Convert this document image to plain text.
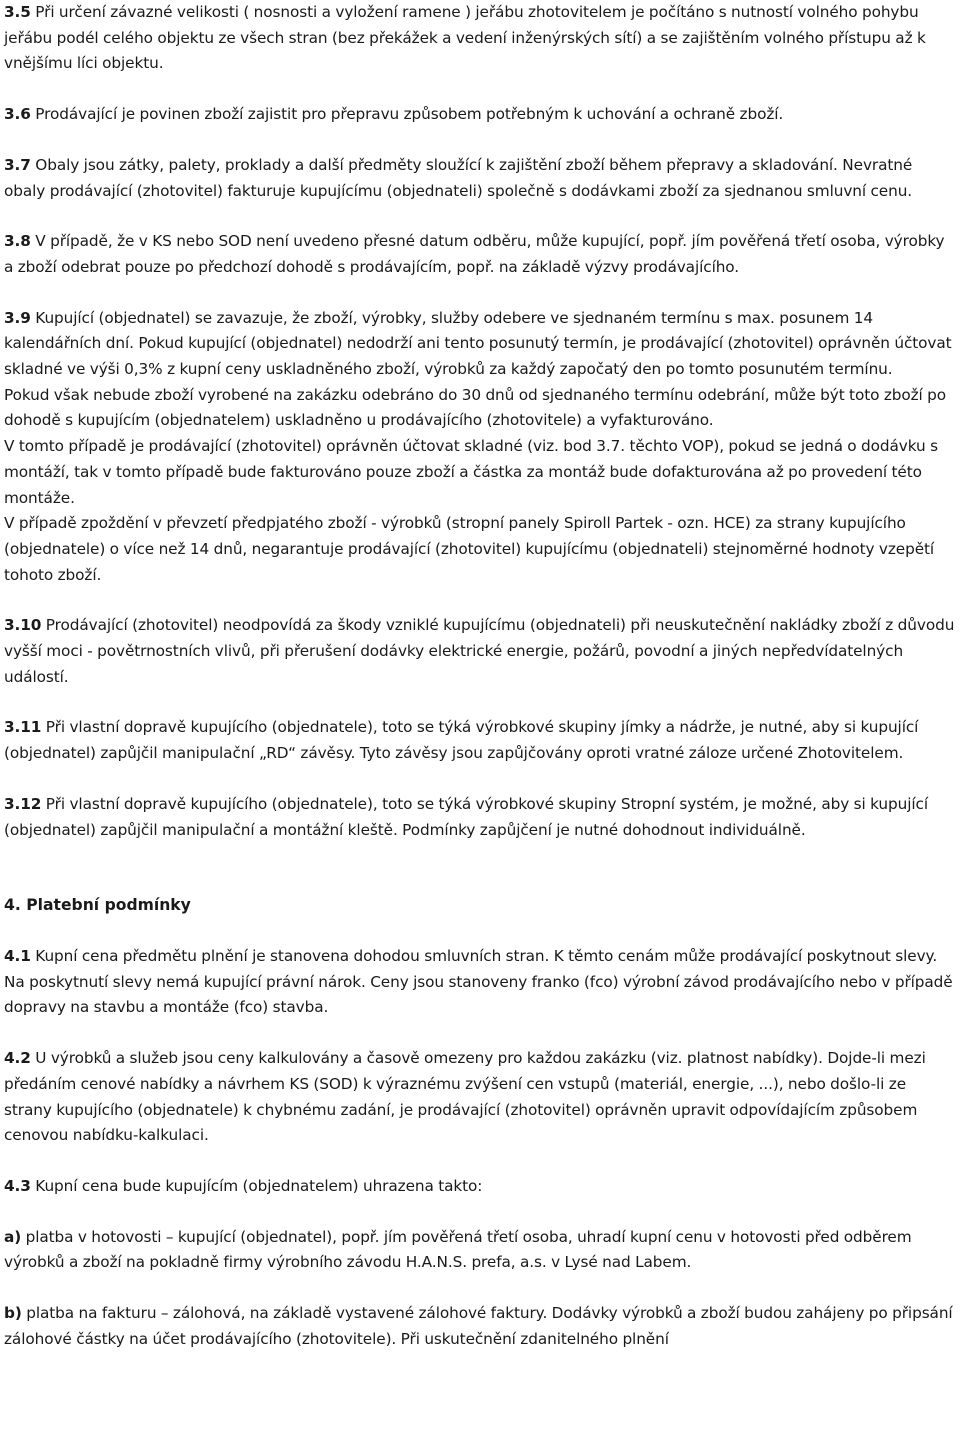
3.5 Při určení závazné velikosti ( nosnosti a vyložení ramene ) jeřábu zhotovitelem je počítáno s nutností volného pohybu jeřábu podél celého objektu ze všech stran (bez překážek a vedení inženýrských sítí) a se zajištěním volného přístupu až k vnějšímu líci objektu.

3.6 Prodávající je povinen zboží zajistit pro přepravu způsobem potřebným k uchování a ochraně zboží.

3.7 Obaly jsou zátky, palety, proklady a další předměty sloužící k zajištění zboží během přepravy a skladování. Nevratné obaly prodávající (zhotovitel) fakturuje kupujícímu (objednateli) společně s dodávkami zboží za sjednanou smluvní cenu.

3.8 V případě, že v KS nebo SOD není uvedeno přesné datum odběru, může kupující, popř. jím pověřená třetí osoba, výrobky a zboží odebrat pouze po předchozí dohodě s prodávajícím, popř. na základě výzvy prodávajícího.

3.9 Kupující (objednatel) se zavazuje, že zboží, výrobky, služby odebere ve sjednaném termínu s max. posunem 14 kalendářních dní. Pokud kupující (objednatel) nedodrží ani tento posunutý termín, je prodávající (zhotovitel) oprávněn účtovat skladné ve výši 0,3% z kupní ceny uskladněného zboží, výrobků za každý započatý den po tomto posunutém termínu.

Pokud však nebude zboží vyrobené na zakázku odebráno do 30 dnů od sjednaného termínu odebrání, může být toto zboží po dohodě s kupujícím (objednatelem) uskladněno u prodávajícího (zhotovitele) a vyfakturováno.

V tomto případě je prodávající (zhotovitel) oprávněn účtovat skladné (viz. bod 3.7. těchto VOP), pokud se jedná o dodávku s montáží, tak v tomto případě bude fakturováno pouze zboží a částka za montáž bude dofakturována až po provedení této montáže.

V případě zpoždění v převzetí předpjatého zboží - výrobků (stropní panely Spiroll Partek - ozn. HCE) za strany kupujícího (objednatele) o více než 14 dnů, negarantuje prodávající (zhotovitel) kupujícímu (objednateli) stejnoměrné hodnoty vzepětí tohoto zboží.

3.10 Prodávající (zhotovitel) neodpovídá za škody vzniklé kupujícímu (objednateli) při neuskutečnění nakládky zboží z důvodu vyšší moci - povětrnostních vlivů, při přerušení dodávky elektrické energie, požárů, povodní a jiných nepředvídatelných událostí.

3.11 Při vlastní dopravě kupujícího (objednatele), toto se týká výrobkové skupiny jímky a nádrže, je nutné, aby si kupující (objednatel) zapůjčil manipulační „RD“ závěsy. Tyto závěsy jsou zapůjčovány oproti vratné záloze určené Zhotovitelem.

3.12 Při vlastní dopravě kupujícího (objednatele), toto se týká výrobkové skupiny Stropní systém, je možné, aby si kupující (objednatel) zapůjčil manipulační a montážní kleště. Podmínky zapůjčení je nutné dohodnout individuálně.

4. Platební podmínky

4.1 Kupní cena předmětu plnění je stanovena dohodou smluvních stran. K těmto cenám může prodávající poskytnout slevy. Na poskytnutí slevy nemá kupující právní nárok. Ceny jsou stanoveny franko (fco) výrobní závod prodávajícího nebo v případě dopravy na stavbu a montáže (fco) stavba.

4.2 U výrobků a služeb jsou ceny kalkulovány a časově omezeny pro každou zakázku (viz. platnost nabídky). Dojde-li mezi předáním cenové nabídky a návrhem KS (SOD) k výraznému zvýšení cen vstupů (materiál, energie, ...), nebo došlo-li ze strany kupujícího (objednatele) k chybnému zadání, je prodávající (zhotovitel) oprávněn upravit odpovídajícím způsobem cenovou nabídku-kalkulaci.

4.3 Kupní cena bude kupujícím (objednatelem) uhrazena takto:

a) platba v hotovosti – kupující (objednatel), popř. jím pověřená třetí osoba, uhradí kupní cenu v hotovosti před odběrem výrobků a zboží na pokladně firmy výrobního závodu H.A.N.S. prefa, a.s. v Lysé nad Labem.

b) platba na fakturu – zálohová, na základě vystavené zálohové faktury. Dodávky výrobků a zboží budou zahájeny po připsání zálohové částky na účet prodávajícího (zhotovitele). Při uskutečnění zdanitelného plnění
